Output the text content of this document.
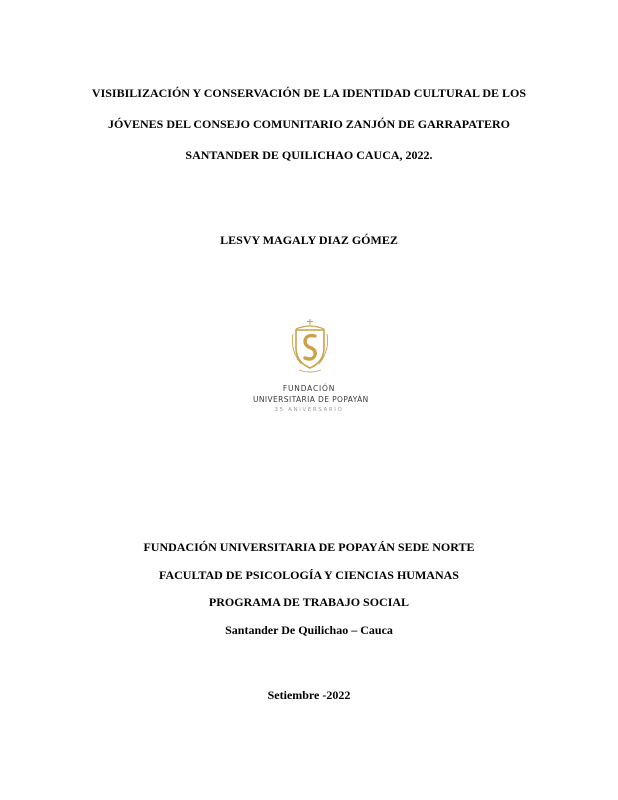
VISIBILIZACIÓN Y CONSERVACIÓN DE LA IDENTIDAD CULTURAL DE LOS
JÓVENES DEL CONSEJO COMUNITARIO ZANJÓN DE GARRAPATERO
SANTANDER DE QUILICHAO CAUCA, 2022.
LESVY MAGALY DIAZ GÓMEZ
FUNDACIÓN
UNIVERSITARIA DE POPAYÁN
35 ANIVERSARIO
FUNDACIÓN UNIVERSITARIA DE POPAYÁN SEDE NORTE
FACULTAD DE PSICOLOGÍA Y CIENCIAS HUMANAS
PROGRAMA DE TRABAJO SOCIAL
Santander De Quilichao – Cauca
Setiembre -2022
